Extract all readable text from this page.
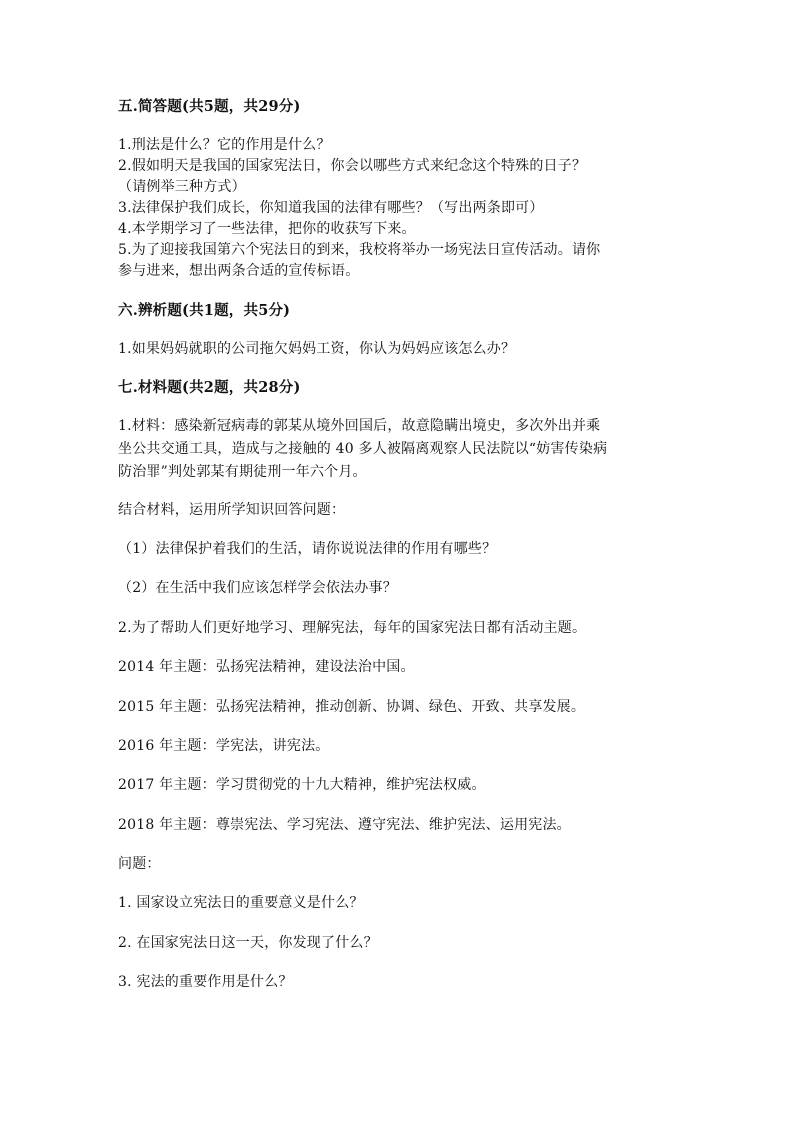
五.简答题(共5题，共29分)
1.刑法是什么？它的作用是什么？
2.假如明天是我国的国家宪法日，你会以哪些方式来纪念这个特殊的日子？
（请例举三种方式）
3.法律保护我们成长，你知道我国的法律有哪些？（写出两条即可）
4.本学期学习了一些法律，把你的收获写下来。
5.为了迎接我国第六个宪法日的到来，我校将举办一场宪法日宣传活动。请你
参与进来，想出两条合适的宣传标语。
六.辨析题(共1题，共5分)
1.如果妈妈就职的公司拖欠妈妈工资，你认为妈妈应该怎么办？
七.材料题(共2题，共28分)
1.材料：感染新冠病毒的郭某从境外回国后，故意隐瞒出境史，多次外出并乘
坐公共交通工具，造成与之接触的 40 多人被隔离观察人民法院以“妨害传染病
防治罪”判处郭某有期徒刑一年六个月。
结合材料，运用所学知识回答问题：
（1）法律保护着我们的生活，请你说说法律的作用有哪些？
（2）在生活中我们应该怎样学会依法办事？
2.为了帮助人们更好地学习、理解宪法，每年的国家宪法日都有活动主题。
2014 年主题：弘扬宪法精神，建设法治中国。
2015 年主题：弘扬宪法精神，推动创新、协调、绿色、开致、共享发展。
2016 年主题：学宪法，讲宪法。
2017 年主题：学习贯彻党的十九大精神，维护宪法权威。
2018 年主题：尊崇宪法、学习宪法、遵守宪法、维护宪法、运用宪法。
问题：
1. 国家设立宪法日的重要意义是什么？
2. 在国家宪法日这一天，你发现了什么？
3. 宪法的重要作用是什么？
